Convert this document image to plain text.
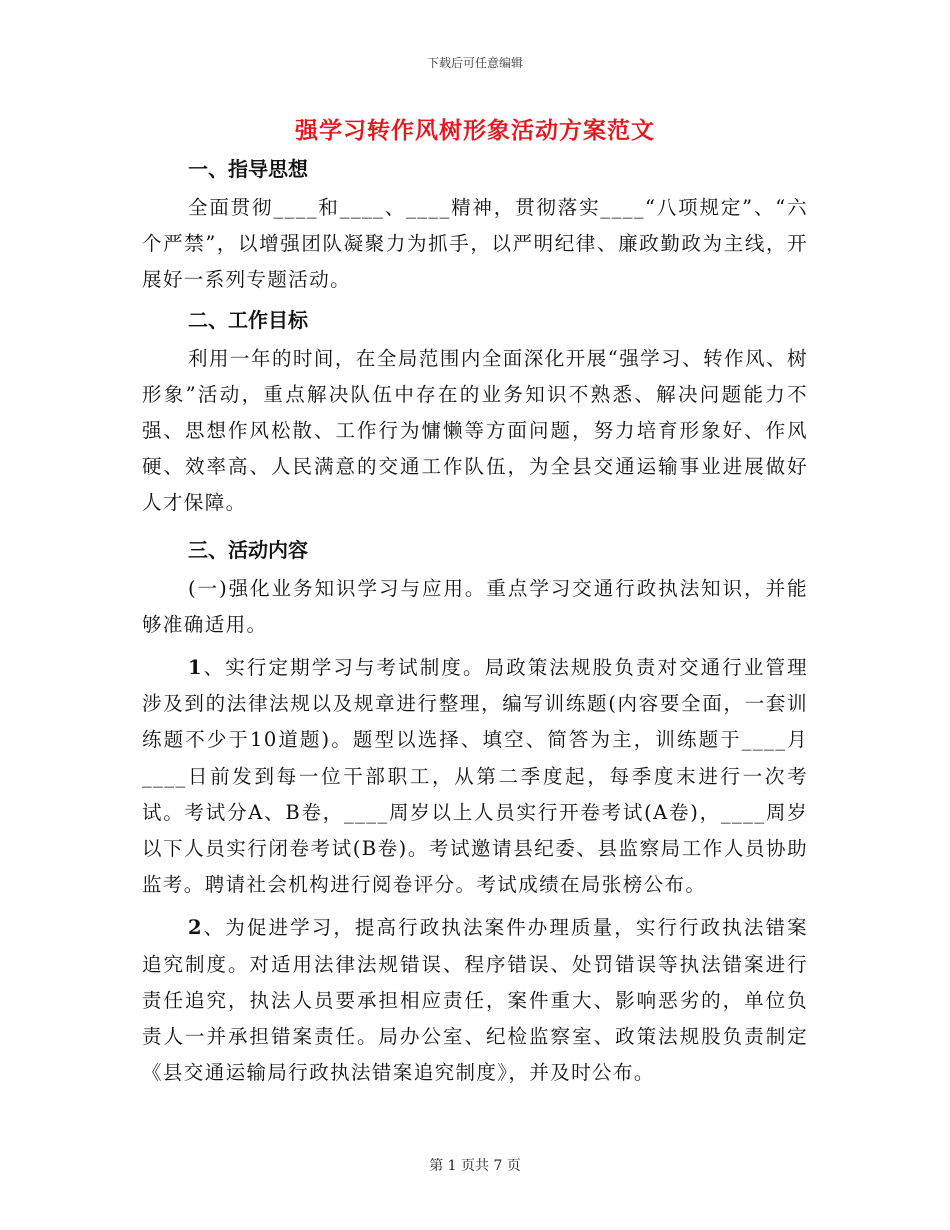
下载后可任意编辑
强学习转作风树形象活动方案范文
一、指导思想

全面贯彻____和____、____精神，贯彻落实____“八项规定”、“六个严禁”，以增强团队凝聚力为抓手，以严明纪律、廉政勤政为主线，开展好一系列专题活动。

二、工作目标

利用一年的时间，在全局范围内全面深化开展“强学习、转作风、树形象”活动，重点解决队伍中存在的业务知识不熟悉、解决问题能力不强、思想作风松散、工作行为慵懒等方面问题，努力培育形象好、作风硬、效率高、人民满意的交通工作队伍，为全县交通运输事业进展做好人才保障。

三、活动内容

(一)强化业务知识学习与应用。重点学习交通行政执法知识，并能够准确适用。

1、实行定期学习与考试制度。局政策法规股负责对交通行业管理涉及到的法律法规以及规章进行整理，编写训练题(内容要全面，一套训练题不少于10道题)。题型以选择、填空、简答为主，训练题于____月____日前发到每一位干部职工，从第二季度起，每季度末进行一次考试。考试分A、B卷，____周岁以上人员实行开卷考试(A卷)，____周岁以下人员实行闭卷考试(B卷)。考试邀请县纪委、县监察局工作人员协助监考。聘请社会机构进行阅卷评分。考试成绩在局张榜公布。

2、为促进学习，提高行政执法案件办理质量，实行行政执法错案追究制度。对适用法律法规错误、程序错误、处罚错误等执法错案进行责任追究，执法人员要承担相应责任，案件重大、影响恶劣的，单位负责人一并承担错案责任。局办公室、纪检监察室、政策法规股负责制定《县交通运输局行政执法错案追究制度》，并及时公布。

第 1 页共 7 页
